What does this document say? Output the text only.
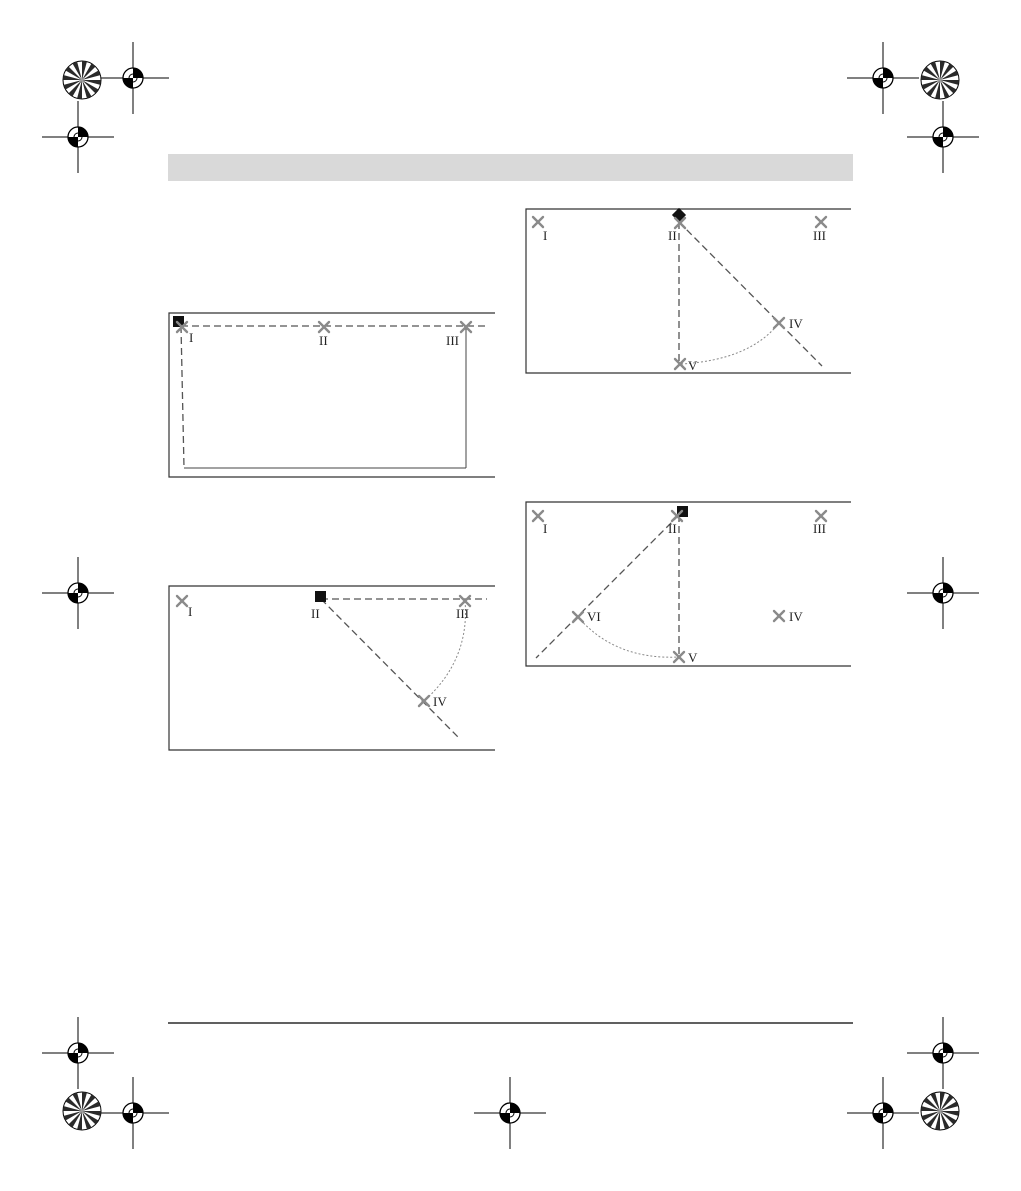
I	II	III
I	II	III
IV
I	II	III
IV
V
I	II	III
IV
V
VI
